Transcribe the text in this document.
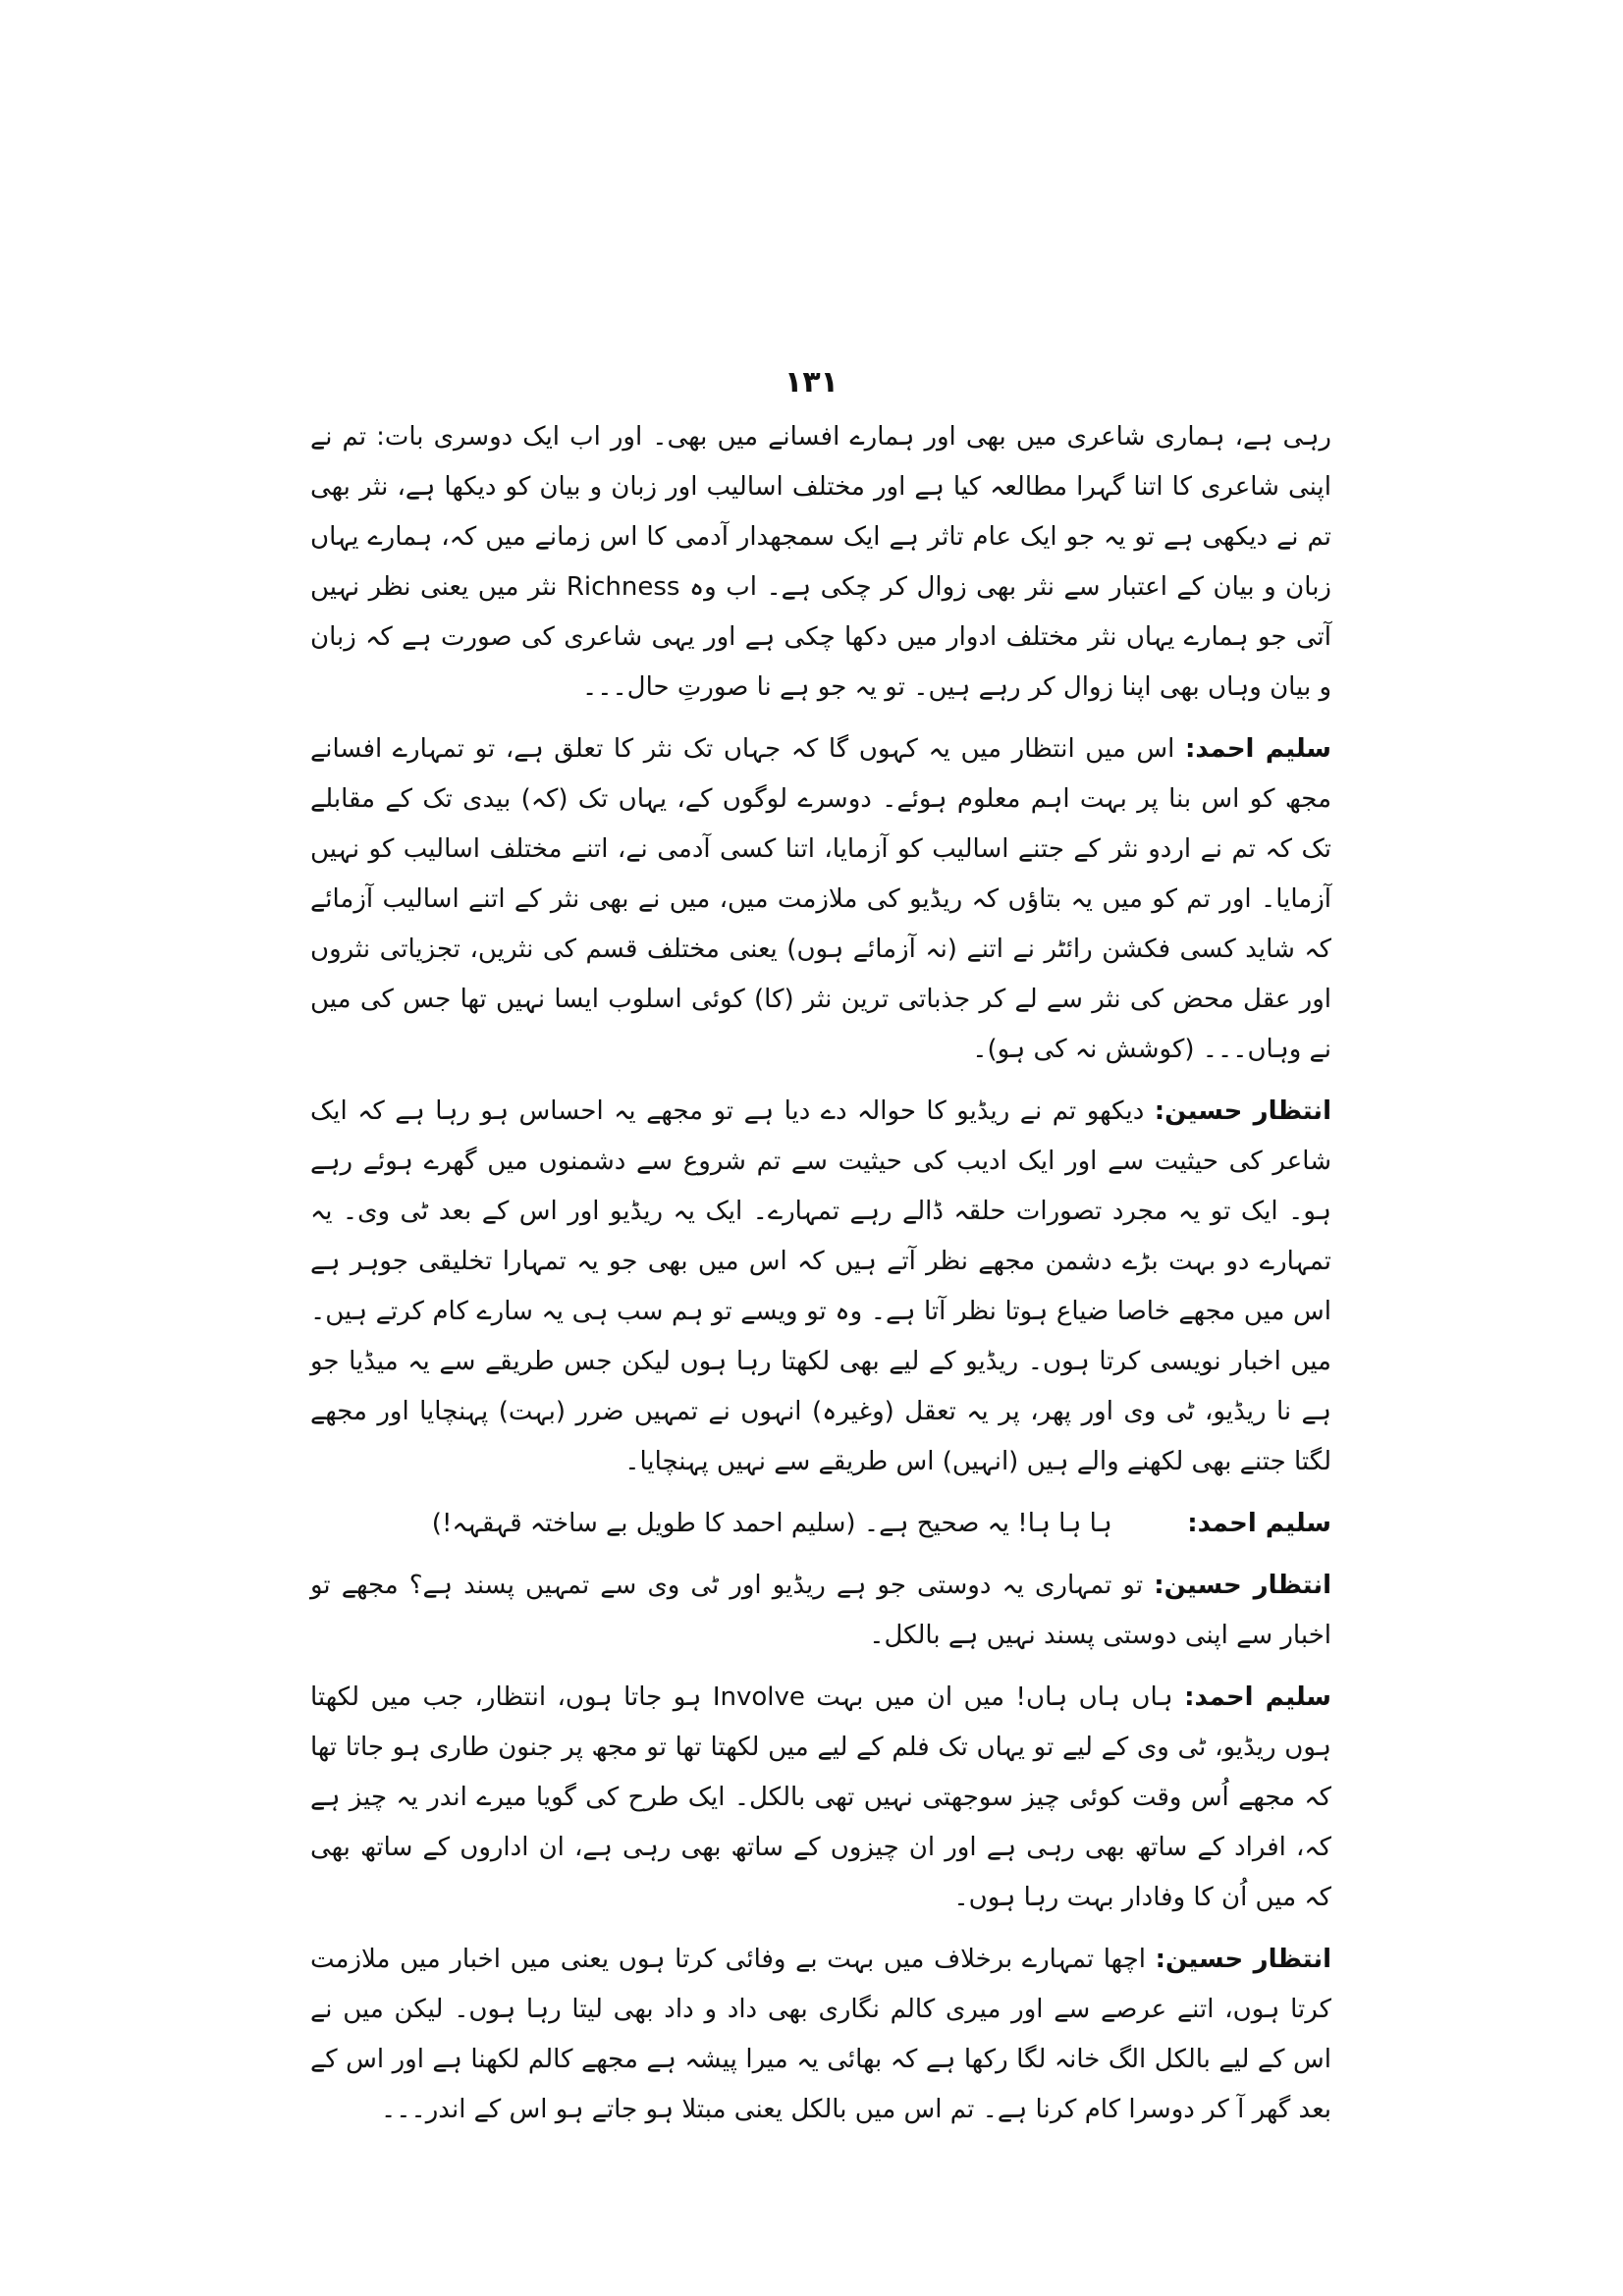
۱۳۱

رہی ہے، ہماری شاعری میں بھی اور ہمارے افسانے میں بھی۔ اور اب ایک دوسری بات: تم نے اپنی شاعری کا اتنا گہرا مطالعہ کیا ہے اور مختلف اسالیب اور زبان و بیان کو دیکھا ہے، نثر بھی تم نے دیکھی ہے تو یہ جو ایک عام تاثر ہے ایک سمجھدار آدمی کا اس زمانے میں کہ، ہمارے یہاں زبان و بیان کے اعتبار سے نثر بھی زوال کر چکی ہے۔ اب وہ Richness نثر میں یعنی نظر نہیں آتی جو ہمارے یہاں نثر مختلف ادوار میں دکھا چکی ہے اور یہی شاعری کی صورت ہے کہ زبان و بیان وہاں بھی اپنا زوال کر رہے ہیں۔ تو یہ جو ہے نا صورتِ حال۔۔۔

سلیم احمد: اس میں انتظار میں یہ کہوں گا کہ جہاں تک نثر کا تعلق ہے، تو تمہارے افسانے مجھ کو اس بنا پر بہت اہم معلوم ہوئے۔ دوسرے لوگوں کے، یہاں تک (کہ) بیدی تک کے مقابلے تک کہ تم نے اردو نثر کے جتنے اسالیب کو آزمایا، اتنا کسی آدمی نے، اتنے مختلف اسالیب کو نہیں آزمایا۔ اور تم کو میں یہ بتاؤں کہ ریڈیو کی ملازمت میں، میں نے بھی نثر کے اتنے اسالیب آزمائے کہ شاید کسی فکشن رائٹر نے اتنے (نہ آزمائے ہوں) یعنی مختلف قسم کی نثریں، تجزیاتی نثروں اور عقل محض کی نثر سے لے کر جذباتی ترین نثر (کا) کوئی اسلوب ایسا نہیں تھا جس کی میں نے وہاں۔۔۔ (کوشش نہ کی ہو)۔

انتظار حسین: دیکھو تم نے ریڈیو کا حوالہ دے دیا ہے تو مجھے یہ احساس ہو رہا ہے کہ ایک شاعر کی حیثیت سے اور ایک ادیب کی حیثیت سے تم شروع سے دشمنوں میں گھرے ہوئے رہے ہو۔ ایک تو یہ مجرد تصورات حلقہ ڈالے رہے تمہارے۔ ایک یہ ریڈیو اور اس کے بعد ٹی وی۔ یہ تمہارے دو بہت بڑے دشمن مجھے نظر آتے ہیں کہ اس میں بھی جو یہ تمہارا تخلیقی جوہر ہے اس میں مجھے خاصا ضیاع ہوتا نظر آتا ہے۔ وہ تو ویسے تو ہم سب ہی یہ سارے کام کرتے ہیں۔ میں اخبار نویسی کرتا ہوں۔ ریڈیو کے لیے بھی لکھتا رہا ہوں لیکن جس طریقے سے یہ میڈیا جو ہے نا ریڈیو، ٹی وی اور پھر، پر یہ تعقل (وغیرہ) انہوں نے تمہیں ضرر (بہت) پہنچایا اور مجھے لگتا جتنے بھی لکھنے والے ہیں (انہیں) اس طریقے سے نہیں پہنچایا۔

سلیم احمد:  ہا ہا ہا! یہ صحیح ہے۔ (سلیم احمد کا طویل بے ساختہ قہقہہ!)

انتظار حسین: تو تمہاری یہ دوستی جو ہے ریڈیو اور ٹی وی سے تمہیں پسند ہے؟ مجھے تو اخبار سے اپنی دوستی پسند نہیں ہے بالکل۔

سلیم احمد: ہاں ہاں ہاں! میں ان میں بہت Involve ہو جاتا ہوں، انتظار، جب میں لکھتا ہوں ریڈیو، ٹی وی کے لیے تو یہاں تک فلم کے لیے میں لکھتا تھا تو مجھ پر جنون طاری ہو جاتا تھا کہ مجھے اُس وقت کوئی چیز سوجھتی نہیں تھی بالکل۔ ایک طرح کی گویا میرے اندر یہ چیز ہے کہ، افراد کے ساتھ بھی رہی ہے اور ان چیزوں کے ساتھ بھی رہی ہے، ان اداروں کے ساتھ بھی کہ میں اُن کا وفادار بہت رہا ہوں۔

انتظار حسین: اچھا تمہارے برخلاف میں بہت بے وفائی کرتا ہوں یعنی میں اخبار میں ملازمت کرتا ہوں، اتنے عرصے سے اور میری کالم نگاری بھی داد و داد بھی لیتا رہا ہوں۔ لیکن میں نے اس کے لیے بالکل الگ خانہ لگا رکھا ہے کہ بھائی یہ میرا پیشہ ہے مجھے کالم لکھنا ہے اور اس کے بعد گھر آ کر دوسرا کام کرنا ہے۔ تم اس میں بالکل یعنی مبتلا ہو جاتے ہو اس کے اندر۔۔۔
